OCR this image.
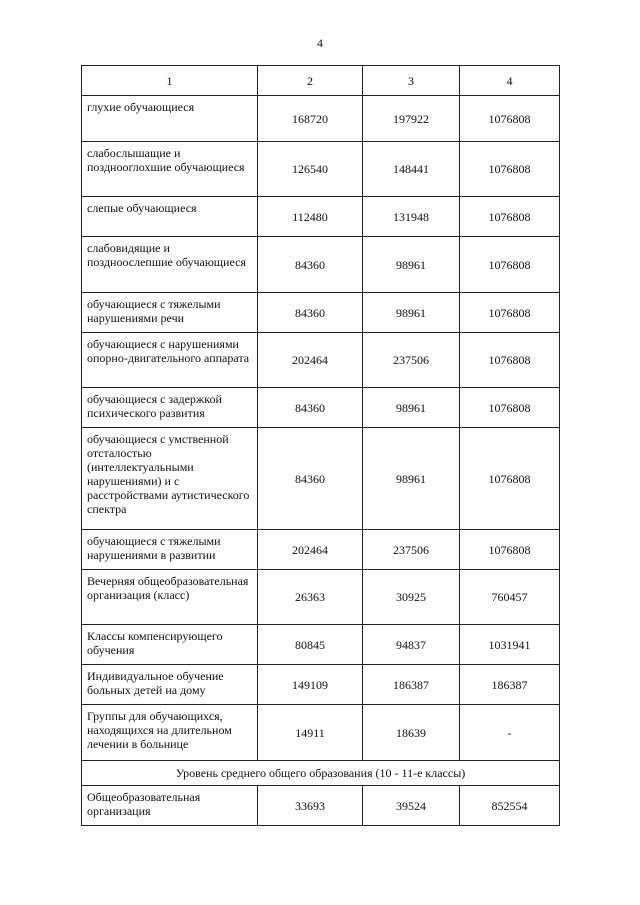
4
1	2	3	4
глухие обучающиеся	168720	197922	1076808
слабослышащие и позднооглохшие обучающиеся	126540	148441	1076808
слепые обучающиеся	112480	131948	1076808
слабовидящие и поздноослепшие обучающиеся	84360	98961	1076808
обучающиеся с тяжелыми нарушениями речи	84360	98961	1076808
обучающиеся с нарушениями опорно-двигательного аппарата	202464	237506	1076808
обучающиеся с задержкой психического развития	84360	98961	1076808
обучающиеся с умственной отсталостью (интеллектуальными нарушениями) и с расстройствами аутистического спектра	84360	98961	1076808
обучающиеся с тяжелыми нарушениями в развитии	202464	237506	1076808
Вечерняя общеобразовательная организация (класс)	26363	30925	760457
Классы компенсирующего обучения	80845	94837	1031941
Индивидуальное обучение больных детей на дому	149109	186387	186387
Группы для обучающихся, находящихся на длительном лечении в больнице	14911	18639	-
Уровень среднего общего образования (10 - 11-е классы)			
Общеобразовательная организация	33693	39524	852554
